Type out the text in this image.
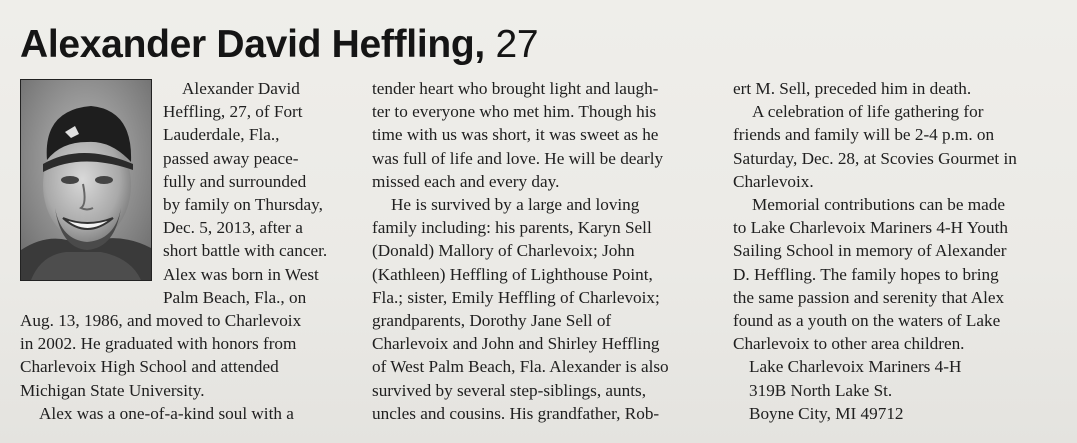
Alexander David Heffling, 27
Alexander David
Heffling, 27, of Fort
Lauderdale, Fla.,
passed away peace-
fully and surrounded
by family on Thursday,
Dec. 5, 2013, after a
short battle with cancer.
Alex was born in West
Palm Beach, Fla., on
Aug. 13, 1986, and moved to Charlevoix
in 2002. He graduated with honors from
Charlevoix High School and attended
Michigan State University.
Alex was a one-of-a-kind soul with a
tender heart who brought light and laugh-
ter to everyone who met him. Though his
time with us was short, it was sweet as he
was full of life and love. He will be dearly
missed each and every day.
He is survived by a large and loving
family including: his parents, Karyn Sell
(Donald) Mallory of Charlevoix; John
(Kathleen) Heffling of Lighthouse Point,
Fla.; sister, Emily Heffling of Charlevoix;
grandparents, Dorothy Jane Sell of
Charlevoix and John and Shirley Heffling
of West Palm Beach, Fla. Alexander is also
survived by several step-siblings, aunts,
uncles and cousins. His grandfather, Rob-
ert M. Sell, preceded him in death.
A celebration of life gathering for
friends and family will be 2-4 p.m. on
Saturday, Dec. 28, at Scovies Gourmet in
Charlevoix.
Memorial contributions can be made
to Lake Charlevoix Mariners 4-H Youth
Sailing School in memory of Alexander
D. Heffling. The family hopes to bring
the same passion and serenity that Alex
found as a youth on the waters of Lake
Charlevoix to other area children.
Lake Charlevoix Mariners 4-H
319B North Lake St.
Boyne City, MI 49712
